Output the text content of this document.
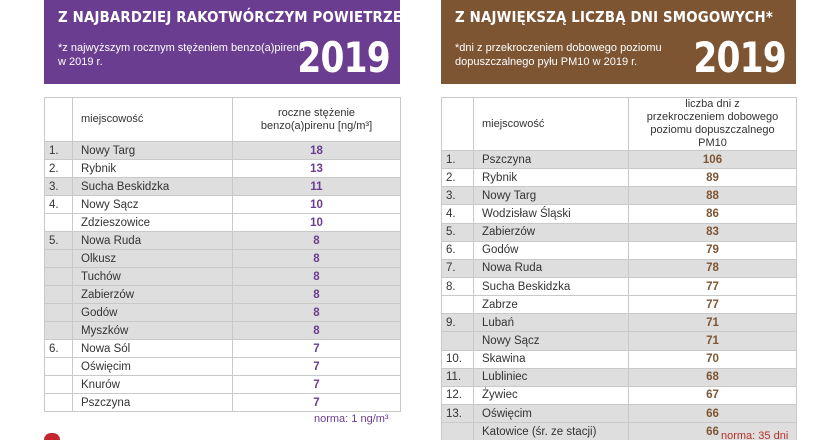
Z NAJBARDZIEJ RAKOTWÓRCZYM POWIETRZEM*
*z najwyższym rocznym stężeniem benzo(a)pirenu w 2019 r.	2019
	miejscowość	roczne stężenie benzo(a)pirenu [ng/m³]

1.	Nowy Targ	18
2.	Rybnik	13
3.	Sucha Beskidzka	11
4.	Nowy Sącz	10
	Zdzieszowice	10
5.	Nowa Ruda	8
	Olkusz	8
	Tuchów	8
	Zabierzów	8
	Godów	8
	Myszków	8
6.	Nowa Sól	7
	Oświęcim	7
	Knurów	7
	Pszczyna	7
norma: 1 ng/m³
Z NAJWIĘKSZĄ LICZBĄ DNI SMOGOWYCH*
*dni z przekroczeniem dobowego poziomu dopuszczalnego pyłu PM10 w 2019 r.	2019
	miejscowość	liczba dni z przekroczeniem dobowego poziomu dopuszczalnego PM10

1.	Pszczyna	106
2.	Rybnik	89
3.	Nowy Targ	88
4.	Wodzisław Śląski	86
5.	Zabierzów	83
6.	Godów	79
7.	Nowa Ruda	78
8.	Sucha Beskidzka	77
	Zabrze	77
9.	Lubań	71
	Nowy Sącz	71
10.	Skawina	70
11.	Lubliniec	68
12.	Żywiec	67
13.	Oświęcim	66
	Katowice (śr. ze stacji)	66 norma: 35 dni
